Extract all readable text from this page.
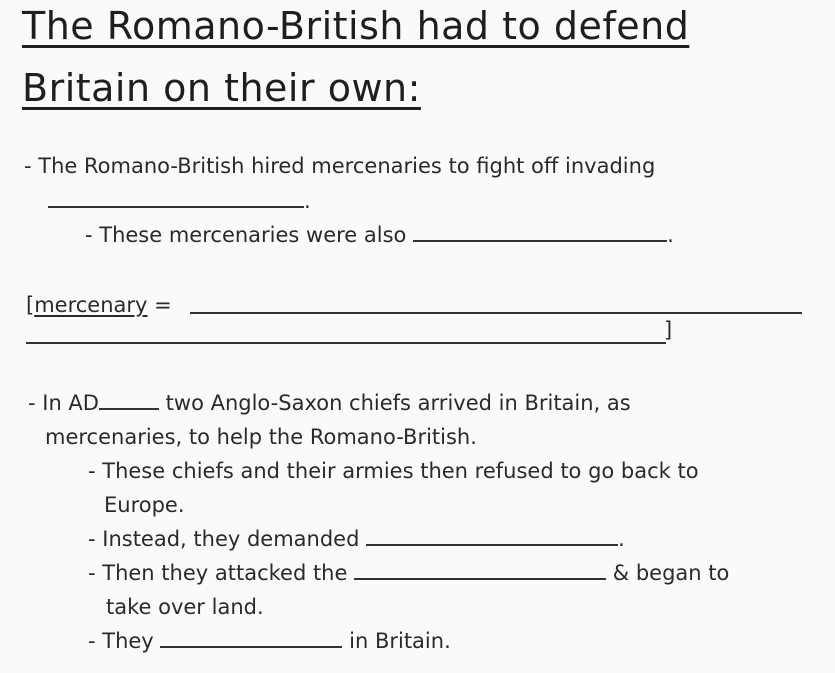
The Romano-British had to defend
Britain on their own:
- The Romano-British hired mercenaries to fight off invading
.
- These mercenaries were also	.
[mercenary =
]
- In AD	two Anglo-Saxon chiefs arrived in Britain, as
mercenaries, to help the Romano-British.
- These chiefs and their armies then refused to go back to
Europe.
- Instead, they demanded	.
- Then they attacked the	& began to
take over land.
- They	in Britain.
